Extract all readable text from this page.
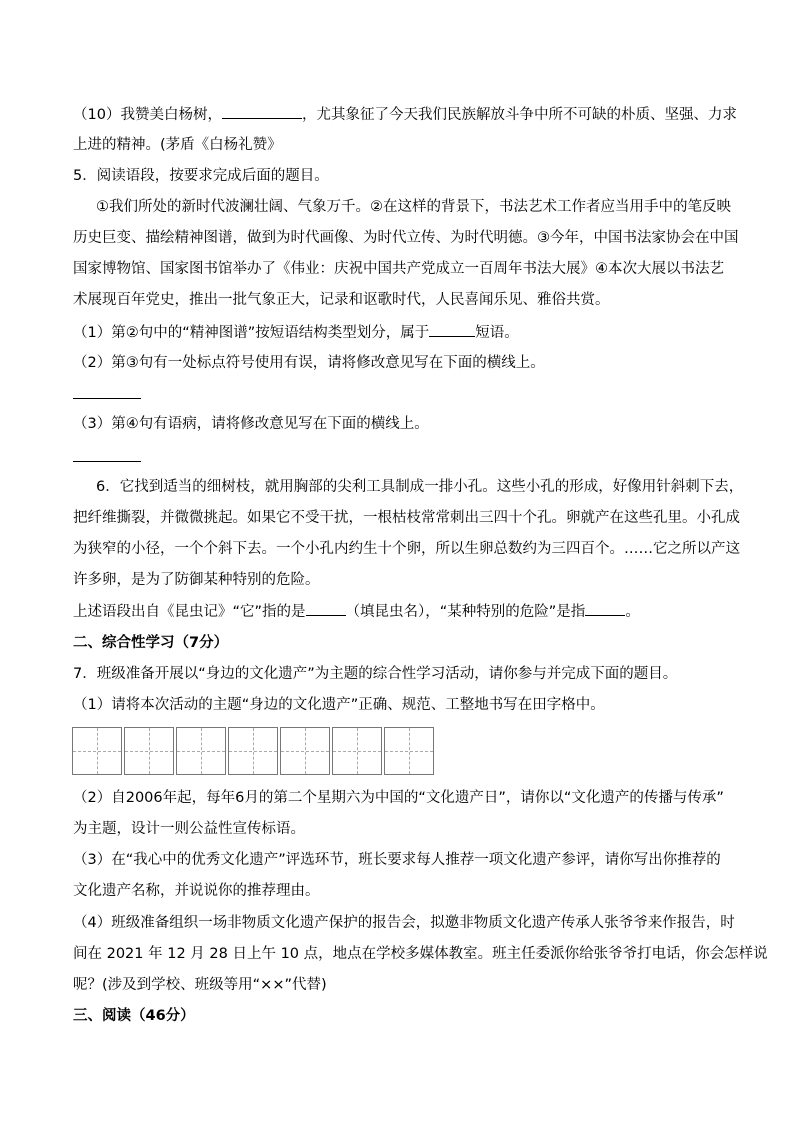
（10）我赞美白杨树，	，尤其象征了今天我们民族解放斗争中所不可缺的朴质、坚强、力求
上进的精神。(茅盾《白杨礼赞》
5．阅读语段，按要求完成后面的题目。
①我们所处的新时代波澜壮阔、气象万千。②在这样的背景下，书法艺术工作者应当用手中的笔反映
历史巨变、描绘精神图谱，做到为时代画像、为时代立传、为时代明德。③今年，中国书法家协会在中国
国家博物馆、国家图书馆举办了《伟业：庆祝中国共产党成立一百周年书法大展》④本次大展以书法艺
术展现百年党史，推出一批气象正大，记录和讴歌时代，人民喜闻乐见、雅俗共赏。
（1）第②句中的“精神图谱”按短语结构类型划分，属于	短语。
（2）第③句有一处标点符号使用有误，请将修改意见写在下面的横线上。
（3）第④句有语病，请将修改意见写在下面的横线上。
6．它找到适当的细树枝，就用胸部的尖利工具制成一排小孔。这些小孔的形成，好像用针斜刺下去，
把纤维撕裂，并微微挑起。如果它不受干扰，一根枯枝常常刺出三四十个孔。卵就产在这些孔里。小孔成
为狭窄的小径，一个个斜下去。一个小孔内约生十个卵，所以生卵总数约为三四百个。……它之所以产这
许多卵，是为了防御某种特别的危险。
上述语段出自《昆虫记》“它”指的是	（填昆虫名），“某种特别的危险”是指	。
二、综合性学习（7分）
7．班级准备开展以“身边的文化遗产”为主题的综合性学习活动，请你参与并完成下面的题目。
（1）请将本次活动的主题“身边的文化遗产”正确、规范、工整地书写在田字格中。
（2）自2006年起，每年6月的第二个星期六为中国的“文化遗产日”，请你以“文化遗产的传播与传承”
为主题，设计一则公益性宣传标语。
（3）在“我心中的优秀文化遗产”评选环节，班长要求每人推荐一项文化遗产参评，请你写出你推荐的
文化遗产名称，并说说你的推荐理由。
（4）班级准备组织一场非物质文化遗产保护的报告会，拟邀非物质文化遗产传承人张爷爷来作报告，时
间在 2021 年 12 月 28 日上午 10 点，地点在学校多媒体教室。班主任委派你给张爷爷打电话，你会怎样说
呢？(涉及到学校、班级等用“××”代替)
三、阅读（46分）
